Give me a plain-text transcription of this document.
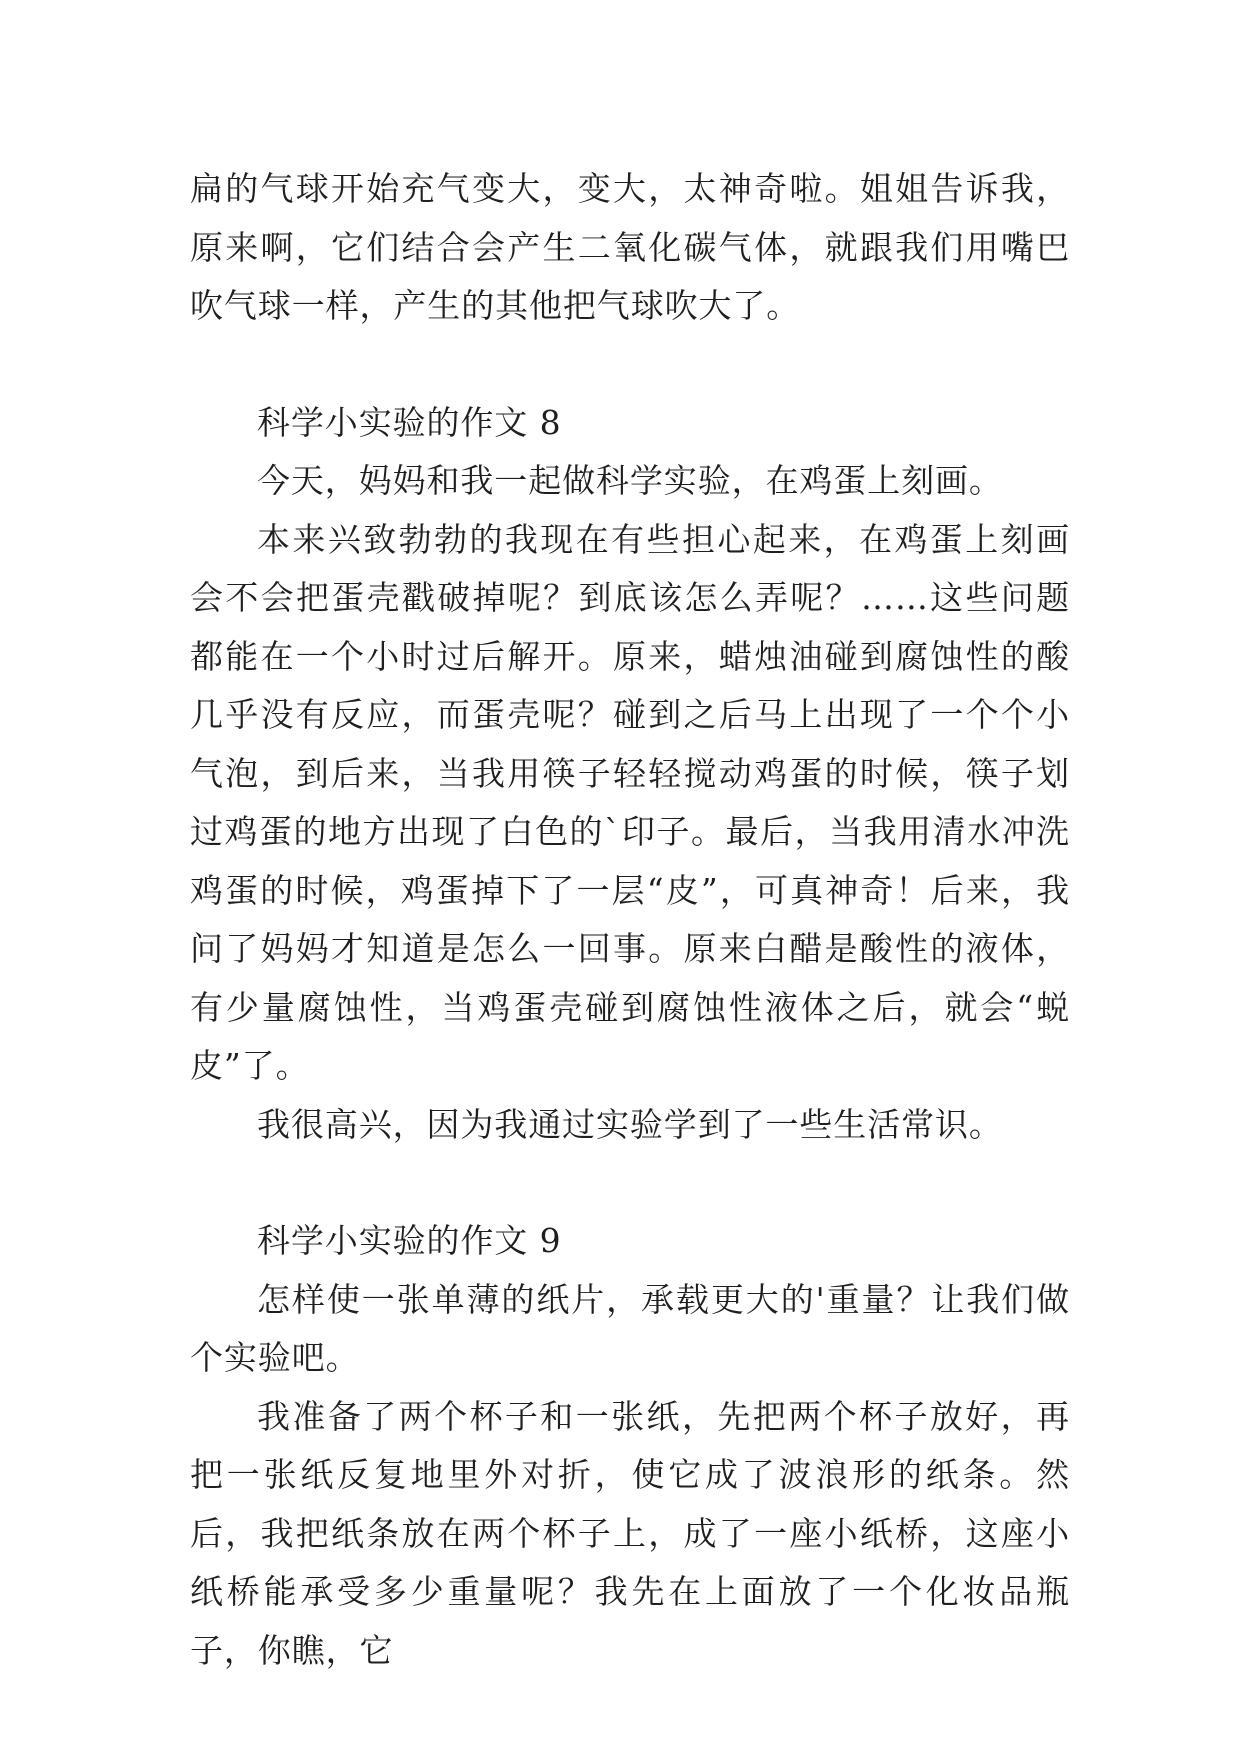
扁的气球开始充气变大，变大，太神奇啦。姐姐告诉我，原来啊，它们结合会产生二氧化碳气体，就跟我们用嘴巴吹气球一样，产生的其他把气球吹大了。

科学小实验的作文 8

今天，妈妈和我一起做科学实验，在鸡蛋上刻画。

本来兴致勃勃的我现在有些担心起来，在鸡蛋上刻画会不会把蛋壳戳破掉呢？到底该怎么弄呢？……这些问题都能在一个小时过后解开。原来，蜡烛油碰到腐蚀性的酸几乎没有反应，而蛋壳呢？碰到之后马上出现了一个个小气泡，到后来，当我用筷子轻轻搅动鸡蛋的时候，筷子划过鸡蛋的地方出现了白色的`印子。最后，当我用清水冲洗鸡蛋的时候，鸡蛋掉下了一层“皮”，可真神奇！后来，我问了妈妈才知道是怎么一回事。原来白醋是酸性的液体，有少量腐蚀性，当鸡蛋壳碰到腐蚀性液体之后，就会“蜕皮”了。

我很高兴，因为我通过实验学到了一些生活常识。

科学小实验的作文 9

怎样使一张单薄的纸片，承载更大的'重量？让我们做个实验吧。

我准备了两个杯子和一张纸，先把两个杯子放好，再把一张纸反复地里外对折，使它成了波浪形的纸条。然后，我把纸条放在两个杯子上，成了一座小纸桥，这座小纸桥能承受多少重量呢？我先在上面放了一个化妆品瓶子，你瞧，它
